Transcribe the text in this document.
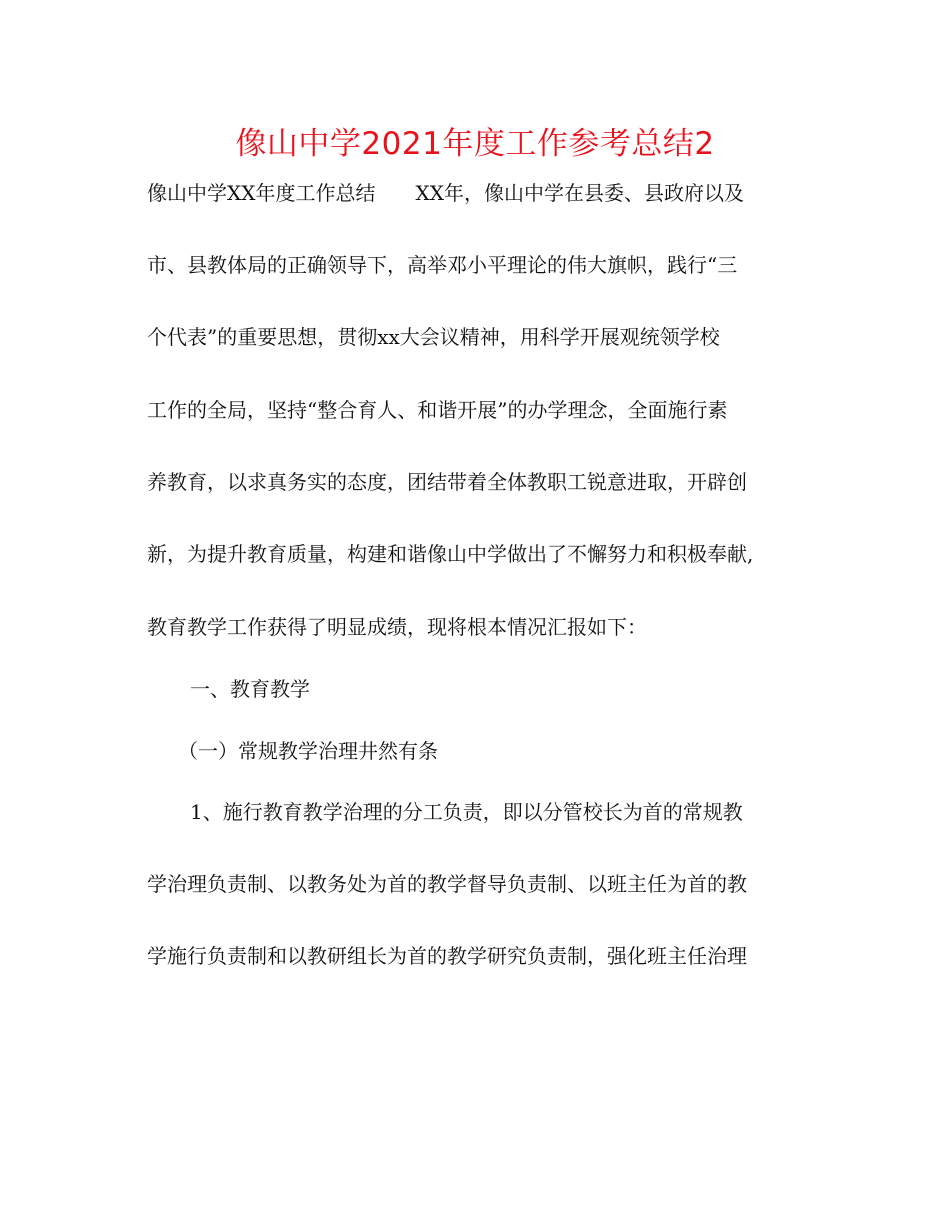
像山中学2021年度工作参考总结2
像山中学XX年度工作总结　　XX年，像山中学在县委、县政府以及
市、县教体局的正确领导下，高举邓小平理论的伟大旗帜，践行“三
个代表”的重要思想，贯彻xx大会议精神，用科学开展观统领学校
工作的全局，坚持“整合育人、和谐开展”的办学理念，全面施行素
养教育，以求真务实的态度，团结带着全体教职工锐意进取，开辟创
新，为提升教育质量，构建和谐像山中学做出了不懈努力和积极奉献,
教育教学工作获得了明显成绩，现将根本情况汇报如下：
一、教育教学
（一）常规教学治理井然有条
1、施行教育教学治理的分工负责，即以分管校长为首的常规教
学治理负责制、以教务处为首的教学督导负责制、以班主任为首的教
学施行负责制和以教研组长为首的教学研究负责制，强化班主任治理
